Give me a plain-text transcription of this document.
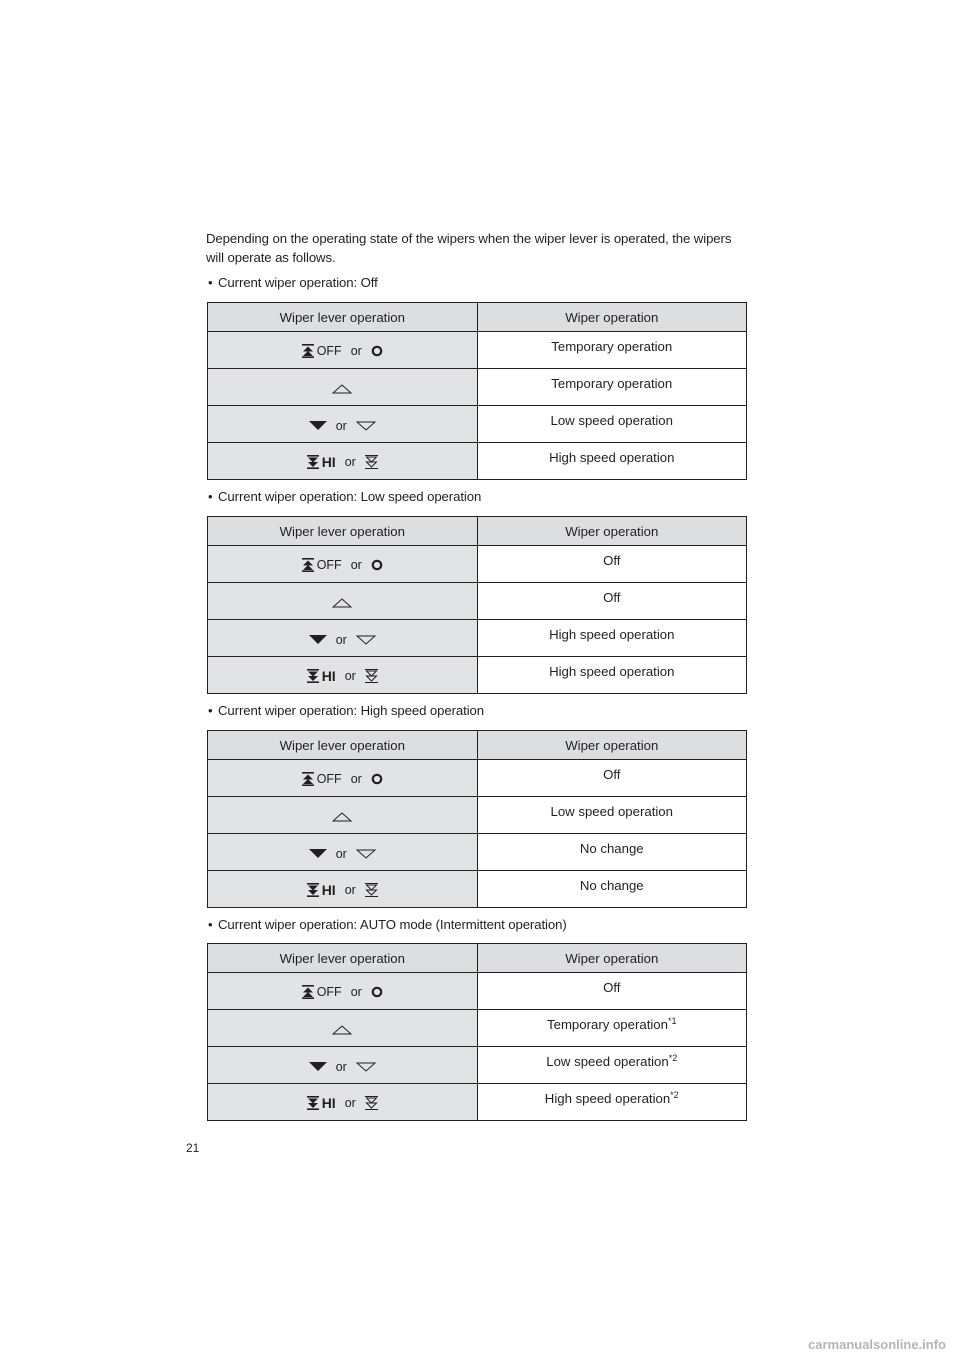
Depending on the operating state of the wipers when the wiper lever is operated, the wipers will operate as follows.

• Current wiper operation: Off

Wiper lever operation	Wiper operation

OFF or	Temporary operation

	Temporary operation

or	Low speed operation

HI or	High speed operation

• Current wiper operation: Low speed operation

Wiper lever operation	Wiper operation

OFF or	Off

	Off

or	High speed operation

HI or	High speed operation

• Current wiper operation: High speed operation

Wiper lever operation	Wiper operation

OFF or	Off

	Low speed operation

or	No change

HI or	No change

• Current wiper operation: AUTO mode (Intermittent operation)

Wiper lever operation	Wiper operation

OFF or	Off

	Temporary operation$^{*1}$

or	Low speed operation$^{*2}$

HI or	High speed operation$^{*2}$
21
carmanualsonline.info
